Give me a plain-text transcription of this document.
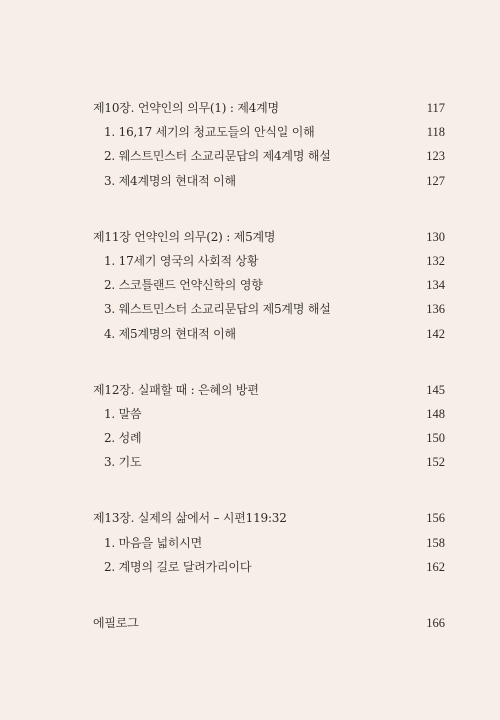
제10장. 언약인의 의무(1) : 제4계명	117
1. 16,17 세기의 청교도들의 안식일 이해	118
2. 웨스트민스터 소교리문답의 제4계명 해설	123
3. 제4계명의 현대적 이해	127
제11장 언약인의 의무(2) : 제5계명	130
1. 17세기 영국의 사회적 상황	132
2. 스코틀랜드 언약신학의 영향	134
3. 웨스트민스터 소교리문답의 제5계명 해설	136
4. 제5계명의 현대적 이해	142
제12장. 실패할 때 : 은혜의 방편	145
1. 말씀	148
2. 성례	150
3. 기도	152
제13장. 실제의 삶에서 – 시편119:32	156
1. 마음을 넓히시면	158
2. 계명의 길로 달려가리이다	162
에필로그	166
